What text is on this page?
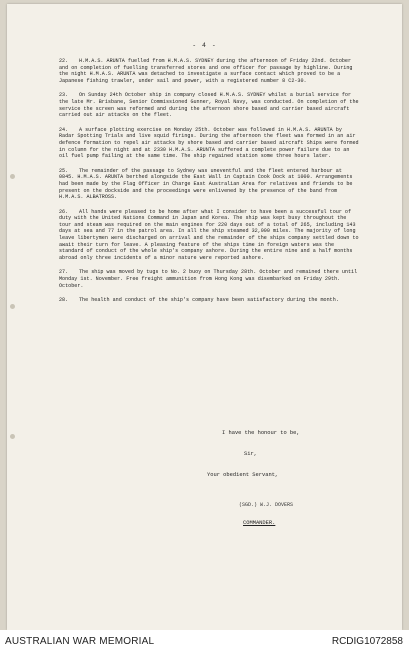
- 4 -

22. H.M.A.S. ARUNTA fuelled from H.M.A.S. SYDNEY during the afternoon of Friday 22nd. October and on completion of fuelling transferred stores and one officer for passage by highline. During the night H.M.A.S. ARUNTA was detached to investigate a surface contact which proved to be a Japanese fishing trawler, under sail and power, with a registered number 8 C2-30.

23. On Sunday 24th October ship in company closed H.M.A.S. SYDNEY whilst a burial service for the late Mr. Brisbane, Senior Commissioned Gunner, Royal Navy, was conducted. On completion of the service the screen was reformed and during the afternoon shore based and carrier based aircraft carried out air attacks on the fleet.

24. A surface plotting exercise on Monday 25th. October was followed in H.M.A.S. ARUNTA by Radar Spotting Trials and live squid firings. During the afternoon the fleet was formed in an air defence formation to repel air attacks by shore based and carrier based aircraft Ships were formed in column for the night and at 2330 H.M.A.S. ARUNTA suffered a complete power failure due to an oil fuel pump failing at the same time. The ship regained station some three hours later.

25. The remainder of the passage to Sydney was uneventful and the fleet entered harbour at 0845. H.M.A.S. ARUNTA berthed alongside the East Wall in Captain Cook Dock at 1000. Arrangements had been made by the Flag Officer in Charge East Australian Area for relatives and friends to be present on the dockside and the proceedings were enlivened by the presence of the band from H.M.A.S. ALBATROSS.

26. All hands were pleased to be home after what I consider to have been a successful tour of duty with the United Nations Command in Japan and Korea. The ship was kept busy throughout the tour and steam was required on the main engines for 220 days out of a total of 265, including 143 days at sea and 77 in the patrol area. In all the ship steamed 32,000 miles. The majority of long leave libertymen were discharged on arrival and the remainder of the ships company settled down to await their turn for leave. A pleasing feature of the ships time in foreign waters was the standard of conduct of the whole ship's company ashore. During the entire nine and a half months abroad only three incidents of a minor nature were reported ashore.

27. The ship was moved by tugs to No. 2 buoy on Thursday 28th. October and remained there until Monday 1st. November. Free freight ammunition from Hong Kong was disembarked on Friday 29th. October.

28. The health and conduct of the ship's company have been satisfactory during the month.

I have the honour to be,
Sir,
Your obedient Servant,
(SGD.) W.J. DOVERS
COMMANDER.
AUSTRALIAN WAR MEMORIAL	RCDIG1072858
